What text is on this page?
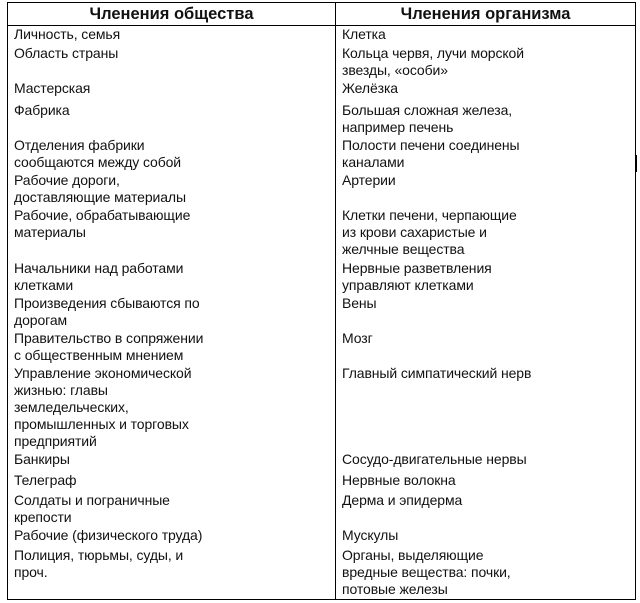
Членения общества	Членения организма
Личность, семья	Клетка
Область страны	Кольца червя, лучи морской
звезды, «особи»
Мастерская	Желёзка
Фабрика	Большая сложная железа,
например печень
Отделения фабрики
сообщаются между собой	Полости печени соединены
каналами
Рабочие дороги,
доставляющие материалы	Артерии
Рабочие, обрабатывающие
материалы	Клетки печени, черпающие
из крови сахаристые и
желчные вещества
Начальники над работами
клетками	Нервные разветвления
управляют клетками
Произведения сбываются по
дорогам	Вены
Правительство в сопряжении
с общественным мнением	Мозг
Управление экономической
жизнью: главы
земледельческих,
промышленных и торговых
предприятий	Главный симпатический нерв
Банкиры	Сосудо-двигательные нервы
Телеграф	Нервные волокна
Солдаты и пограничные
крепости	Дерма и эпидерма
Рабочие (физического труда)	Мускулы
Полиция, тюрьмы, суды, и
проч.	Органы, выделяющие
вредные вещества: почки,
потовые железы
